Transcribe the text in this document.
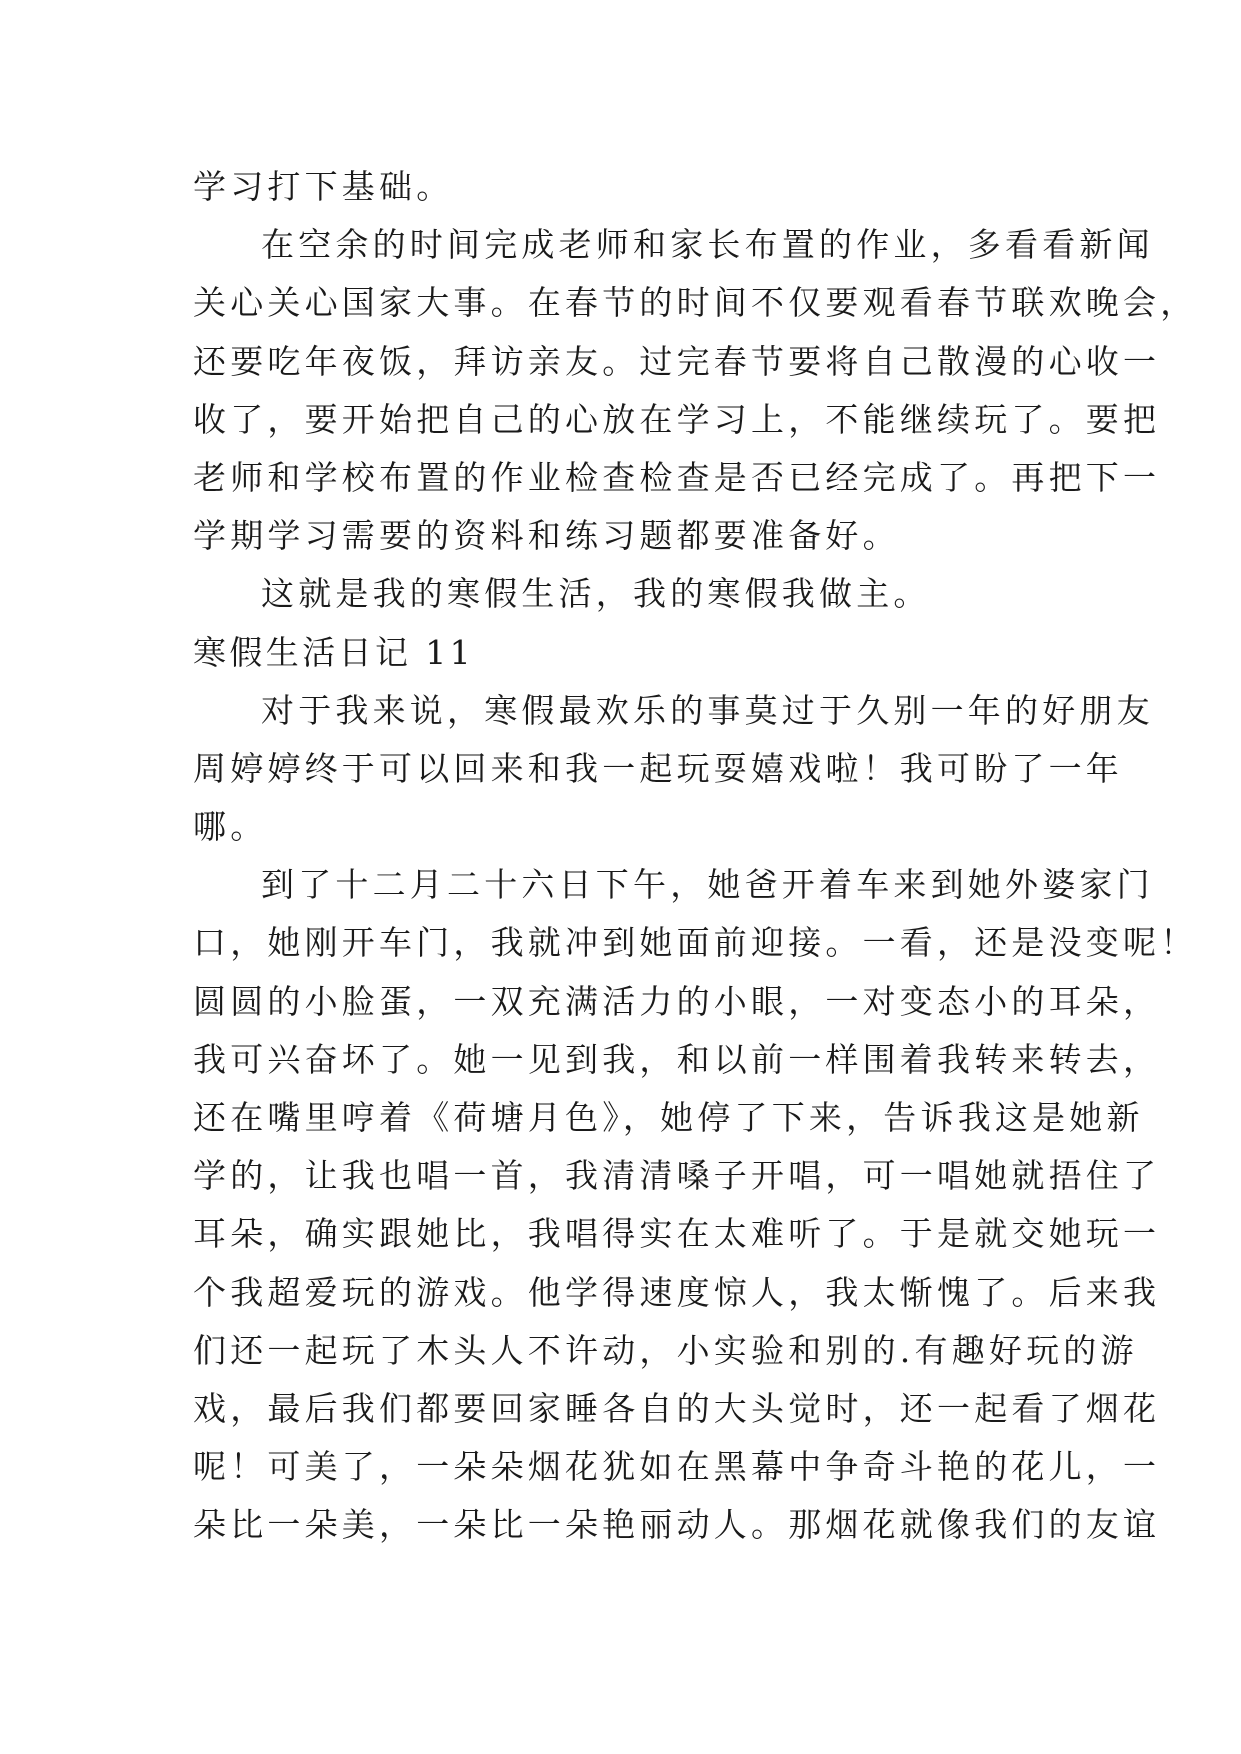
学习打下基础。
在空余的时间完成老师和家长布置的作业，多看看新闻
关心关心国家大事。在春节的时间不仅要观看春节联欢晚会，
还要吃年夜饭，拜访亲友。过完春节要将自己散漫的心收一
收了，要开始把自己的心放在学习上，不能继续玩了。要把
老师和学校布置的作业检查检查是否已经完成了。再把下一
学期学习需要的资料和练习题都要准备好。
这就是我的寒假生活，我的寒假我做主。
寒假生活日记 11
对于我来说，寒假最欢乐的事莫过于久别一年的好朋友
周婷婷终于可以回来和我一起玩耍嬉戏啦！我可盼了一年
哪。
到了十二月二十六日下午，她爸开着车来到她外婆家门
口，她刚开车门，我就冲到她面前迎接。一看，还是没变呢！
圆圆的小脸蛋，一双充满活力的小眼，一对变态小的耳朵，
我可兴奋坏了。她一见到我，和以前一样围着我转来转去，
还在嘴里哼着《荷塘月色》，她停了下来，告诉我这是她新
学的，让我也唱一首，我清清嗓子开唱，可一唱她就捂住了
耳朵，确实跟她比，我唱得实在太难听了。于是就交她玩一
个我超爱玩的游戏。他学得速度惊人，我太惭愧了。后来我
们还一起玩了木头人不许动，小实验和别的.有趣好玩的游
戏，最后我们都要回家睡各自的大头觉时，还一起看了烟花
呢！可美了，一朵朵烟花犹如在黑幕中争奇斗艳的花儿，一
朵比一朵美，一朵比一朵艳丽动人。那烟花就像我们的友谊
